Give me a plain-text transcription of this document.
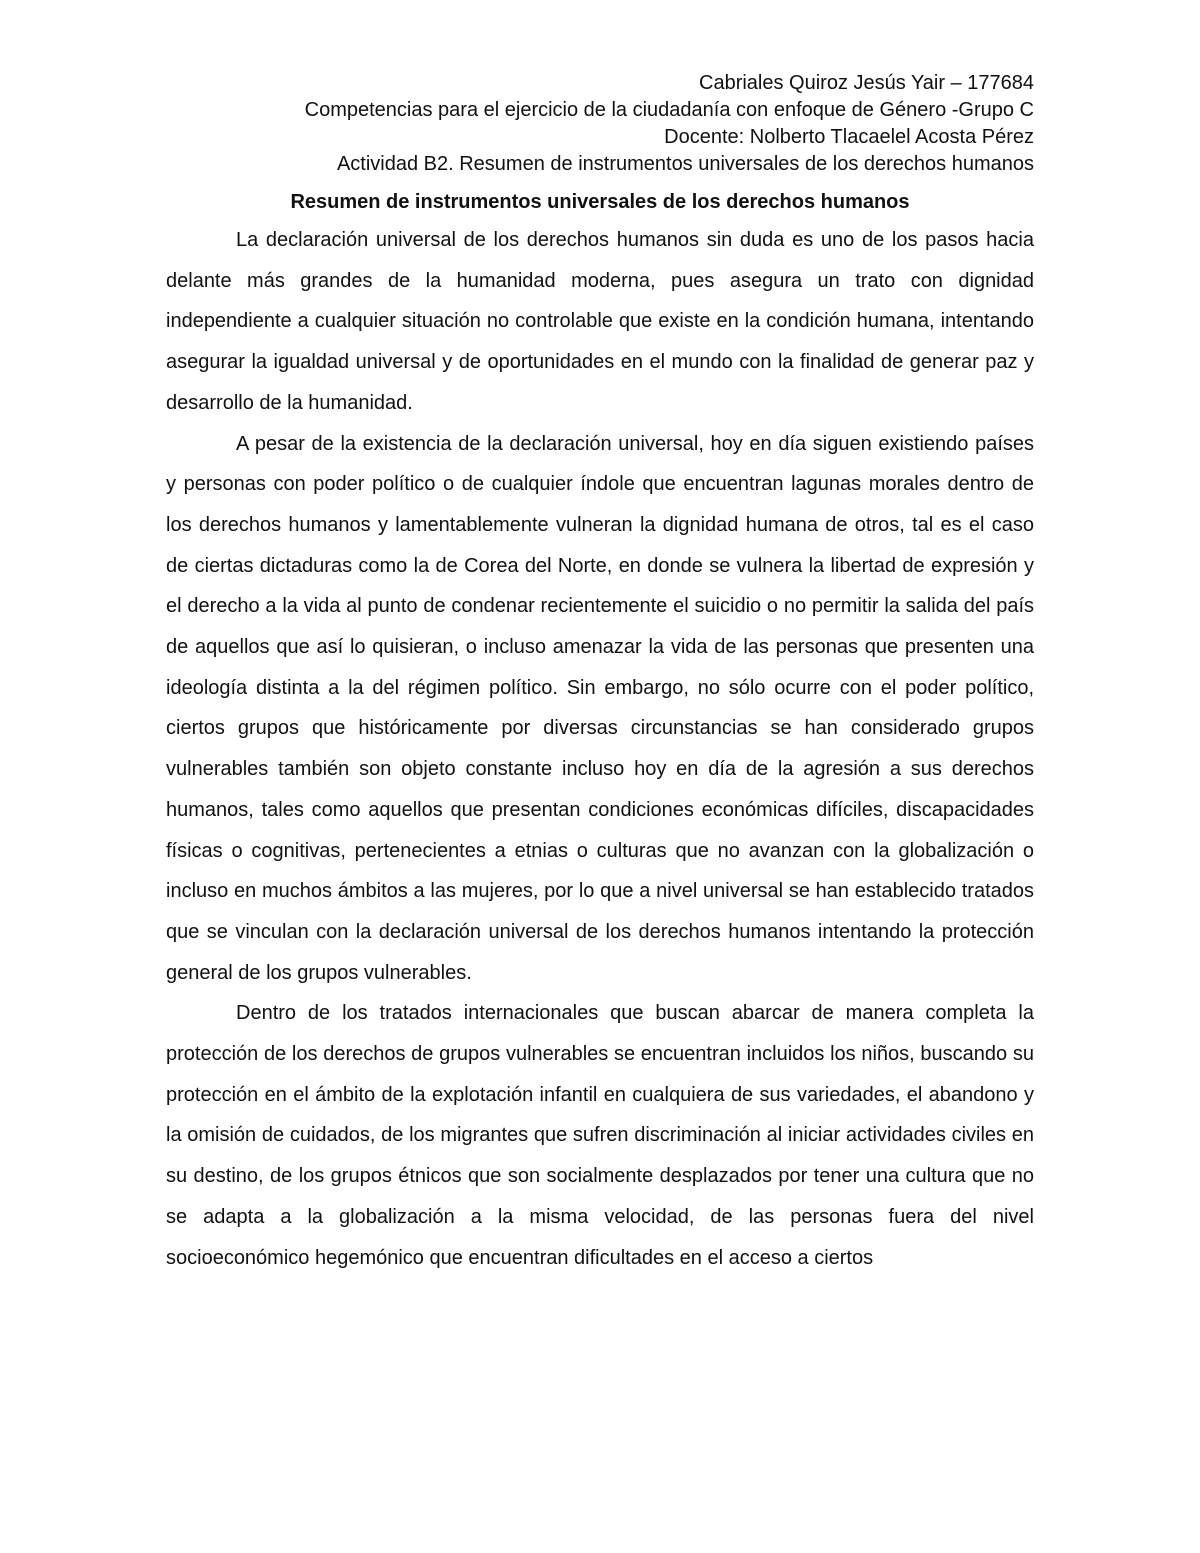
Cabriales Quiroz Jesús Yair – 177684
Competencias para el ejercicio de la ciudadanía con enfoque de Género -Grupo C
Docente: Nolberto Tlacaelel Acosta Pérez
Actividad B2. Resumen de instrumentos universales de los derechos humanos
Resumen de instrumentos universales de los derechos humanos

La declaración universal de los derechos humanos sin duda es uno de los pasos hacia delante más grandes de la humanidad moderna, pues asegura un trato con dignidad independiente a cualquier situación no controlable que existe en la condición humana, intentando asegurar la igualdad universal y de oportunidades en el mundo con la finalidad de generar paz y desarrollo de la humanidad.

A pesar de la existencia de la declaración universal, hoy en día siguen existiendo países y personas con poder político o de cualquier índole que encuentran lagunas morales dentro de los derechos humanos y lamentablemente vulneran la dignidad humana de otros, tal es el caso de ciertas dictaduras como la de Corea del Norte, en donde se vulnera la libertad de expresión y el derecho a la vida al punto de condenar recientemente el suicidio o no permitir la salida del país de aquellos que así lo quisieran, o incluso amenazar la vida de las personas que presenten una ideología distinta a la del régimen político. Sin embargo, no sólo ocurre con el poder político, ciertos grupos que históricamente por diversas circunstancias se han considerado grupos vulnerables también son objeto constante incluso hoy en día de la agresión a sus derechos humanos, tales como aquellos que presentan condiciones económicas difíciles, discapacidades físicas o cognitivas, pertenecientes a etnias o culturas que no avanzan con la globalización o incluso en muchos ámbitos a las mujeres, por lo que a nivel universal se han establecido tratados que se vinculan con la declaración universal de los derechos humanos intentando la protección general de los grupos vulnerables.

Dentro de los tratados internacionales que buscan abarcar de manera completa la protección de los derechos de grupos vulnerables se encuentran incluidos los niños, buscando su protección en el ámbito de la explotación infantil en cualquiera de sus variedades, el abandono y la omisión de cuidados, de los migrantes que sufren discriminación al iniciar actividades civiles en su destino, de los grupos étnicos que son socialmente desplazados por tener una cultura que no se adapta a la globalización a la misma velocidad, de las personas fuera del nivel socioeconómico hegemónico que encuentran dificultades en el acceso a ciertos
